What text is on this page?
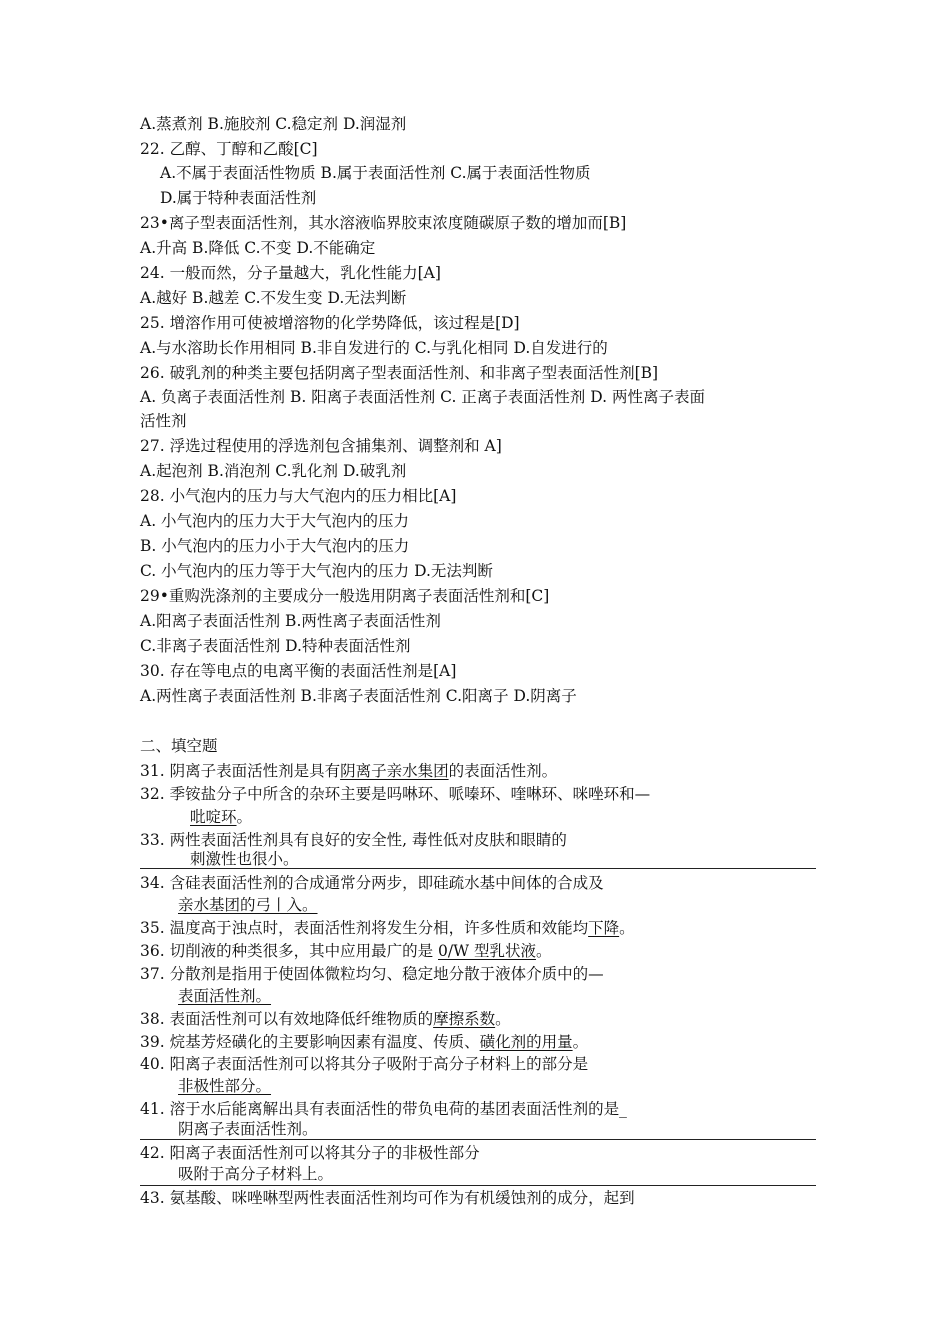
A.蒸煮剂 B.施胶剂 C.稳定剂 D.润湿剂
22. 乙醇、丁醇和乙酸[C]
A.不属于表面活性物质 B.属于表面活性剂 C.属于表面活性物质
D.属于特种表面活性剂
23•离子型表面活性剂，其水溶液临界胶束浓度随碳原子数的增加而[B]
A.升高 B.降低 C.不变 D.不能确定
24. 一般而然，分子量越大，乳化性能力[A]
A.越好 B.越差 C.不发生变 D.无法判断
25. 增溶作用可使被增溶物的化学势降低，该过程是[D]
A.与水溶助长作用相同 B.非自发进行的 C.与乳化相同 D.自发进行的
26. 破乳剂的种类主要包括阴离子型表面活性剂、和非离子型表面活性剂[B]
A. 负离子表面活性剂 B. 阳离子表面活性剂 C. 正离子表面活性剂 D. 两性离子表面
活性剂
27. 浮选过程使用的浮选剂包含捕集剂、调整剂和 A]
A.起泡剂 B.消泡剂 C.乳化剂 D.破乳剂
28. 小气泡内的压力与大气泡内的压力相比[A]
A. 小气泡内的压力大于大气泡内的压力
B. 小气泡内的压力小于大气泡内的压力
C. 小气泡内的压力等于大气泡内的压力 D.无法判断
29•重购洗涤剂的主要成分一般选用阴离子表面活性剂和[C]
A.阳离子表面活性剂 B.两性离子表面活性剂
C.非离子表面活性剂 D.特种表面活性剂
30. 存在等电点的电离平衡的表面活性剂是[A]
A.两性离子表面活性剂 B.非离子表面活性剂 C.阳离子 D.阴离子
二、填空题
31. 阴离子表面活性剂是具有阴离子亲水集团的表面活性剂。
32. 季铵盐分子中所含的杂环主要是吗啉环、哌嗪环、喹啉环、咪唑环和—
吡啶环。
33. 两性表面活性剂具有良好的安全性, 毒性低对皮肤和眼睛的
刺激性也很小。
34. 含硅表面活性剂的合成通常分两步，即硅疏水基中间体的合成及
亲水基团的弓丨入。
35. 温度高于浊点时，表面活性剂将发生分相，许多性质和效能均下降。
36. 切削液的种类很多，其中应用最广的是 0/W 型乳状液。
37. 分散剂是指用于使固体微粒均匀、稳定地分散于液体介质中的—
表面活性剂。
38. 表面活性剂可以有效地降低纤维物质的摩擦系数。
39. 烷基芳烃磺化的主要影响因素有温度、传质、磺化剂的用量。
40. 阳离子表面活性剂可以将其分子吸附于高分子材料上的部分是
非极性部分。
41. 溶于水后能离解出具有表面活性的带负电荷的基团表面活性剂的是_
阴离子表面活性剂。
42. 阳离子表面活性剂可以将其分子的非极性部分
吸附于高分子材料上。
43. 氨基酸、咪唑啉型两性表面活性剂均可作为有机缓蚀剂的成分，起到
